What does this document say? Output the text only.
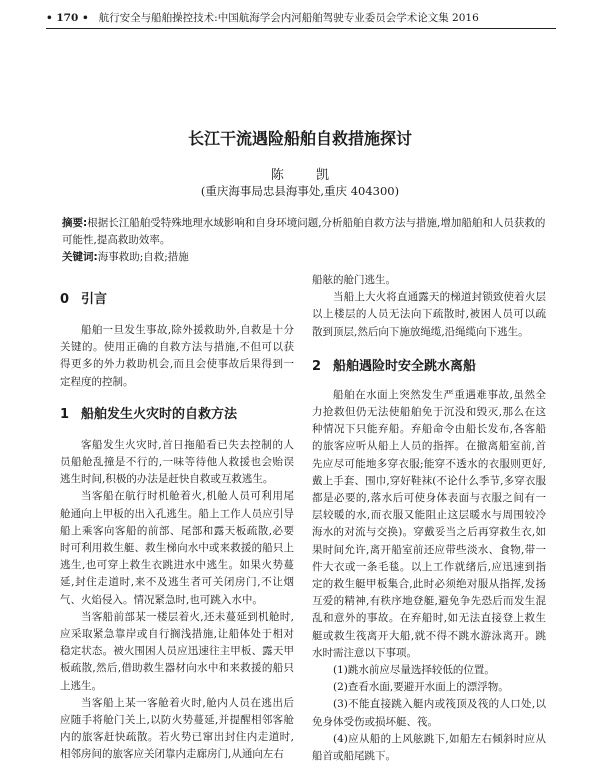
• 170 • 航行安全与船舶操控技术:中国航海学会内河船舶驾驶专业委员会学术论文集 2016
长江干流遇险船舶自救措施探讨
陈 凯
(重庆海事局忠县海事处,重庆 404300)

摘要:根据长江船舶受特殊地理水域影响和自身环境问题,分析船舶自救方法与措施,增加船舶和人员获救的可能性,提高救助效率。

关键词:海事救助;自救;措施

0 引言

船舶一旦发生事故,除外援救助外,自救是十分关键的。使用正确的自救方法与措施,不但可以获得更多的外力救助机会,而且会使事故后果得到一定程度的控制。

1 船舶发生火灾时的自救方法

客船发生火灾时,首日拖船看已失去控制的人员船舱乱撞是不行的,一味等待他人救援也会贻误逃生时间,积极的办法是赶快自救或互救逃生。

当客船在航行时机舱着火,机舱人员可利用尾舱通向上甲板的出入孔逃生。船上工作人员应引导船上乘客向客船的前部、尾部和露天板疏散,必要时可利用救生艇、救生梯向水中或来救援的船只上逃生,也可穿上救生衣跳进水中逃生。如果火势蔓延,封住走道时,来不及逃生者可关闭房门,不让烟气、火焰侵入。情况紧急时,也可跳入水中。

当客船前部某一楼层着火,还未蔓延到机舱时,应采取紧急靠岸或自行搁浅措施,让船体处于相对稳定状态。被火围困人员应迅速往主甲板、露天甲板疏散,然后,借助救生器材向水中和来救援的船只上逃生。

当客船上某一客舱着火时,舱内人员在逃出后应随手将舱门关上,以防火势蔓延,并提醒相邻客舱内的旅客赶快疏散。若火势已窜出封住内走道时,相邻房间的旅客应关闭靠内走廊房门,从通向左右

船舷的舱门逃生。

当船上大火将直通露天的梯道封锁致使着火层以上楼层的人员无法向下疏散时,被困人员可以疏散到顶层,然后向下施放绳缆,沿绳缆向下逃生。

2 船舶遇险时安全跳水离船

船舶在水面上突然发生严重遇难事故,虽然全力抢救但仍无法使船舶免于沉没和毁灭,那么在这种情况下只能弃船。弃船命令由船长发布,各客船的旅客应听从船上人员的指挥。在撤离船室前,首先应尽可能地多穿衣服;能穿不透水的衣服则更好,戴上手套、围巾,穿好鞋袜(不论什么季节,多穿衣服都是必要的,落水后可使身体表面与衣服之间有一层较暖的水,而衣服又能阻止这层暖水与周围较冷海水的对流与交换)。穿戴妥当之后再穿救生衣,如果时间允许,离开船室前还应带些淡水、食物,带一件大衣或一条毛毯。以上工作就绪后,应迅速到指定的救生艇甲板集合,此时必须绝对服从指挥,发扬互爱的精神,有秩序地登艇,避免争先恐后而发生混乱和意外的事故。在弃船时,如无法直接登上救生艇或救生筏离开大船,就不得不跳水游泳离开。跳水时需注意以下事项。

(1)跳水前应尽量选择较低的位置。

(2)查看水面,要避开水面上的漂浮物。

(3)不能直接跳入艇内或筏顶及筏的人口处,以免身体受伤或损坏艇、筏。

(4)应从船的上风舷跳下,如船左右倾斜时应从船首或船尾跳下。
